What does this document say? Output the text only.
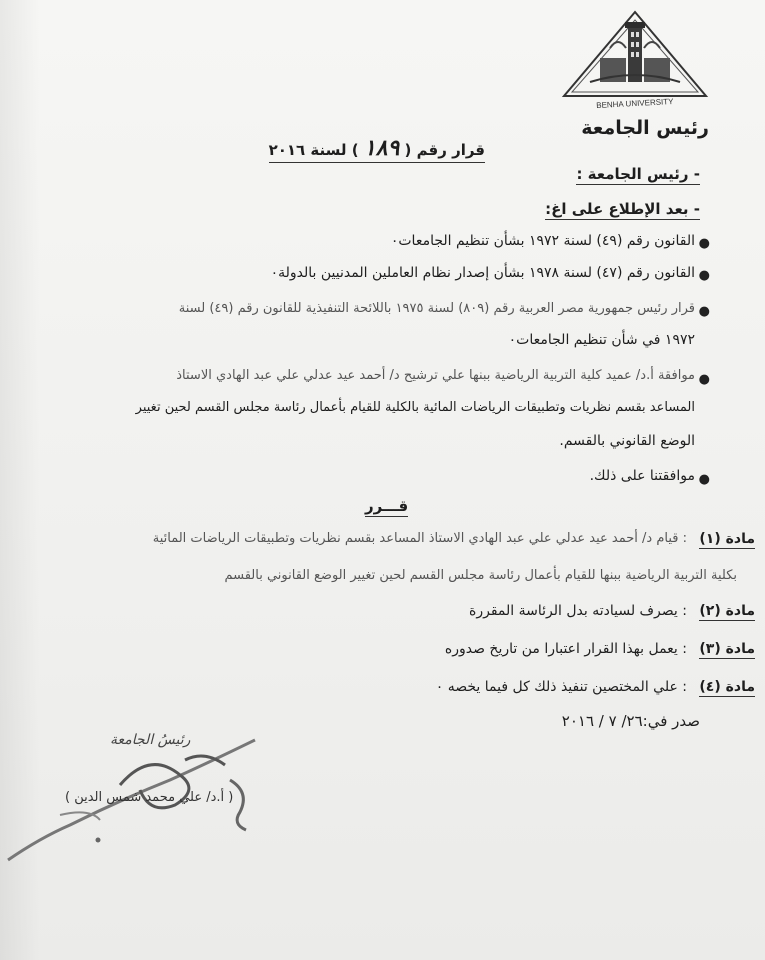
BENHA UNIVERSITY
رئيس الجامعة
قرار رقم ( ١٨٩ ) لسنة ٢٠١٦
- رئيس الجامعة :
- بعد الإطلاع على اغ:
●
القانون رقم (٤٩) لسنة ١٩٧٢ بشأن تنظيم الجامعات٠
●
القانون رقم (٤٧) لسنة ١٩٧٨ بشأن إصدار نظام العاملين المدنيين بالدولة٠
●
قرار رئيس جمهورية مصر العربية رقم (٨٠٩) لسنة ١٩٧٥ باللائحة التنفيذية للقانون رقم (٤٩) لسنة
١٩٧٢ في شأن تنظيم الجامعات٠
●
موافقة أ.د/ عميد كلية التربية الرياضية ببنها علي ترشيح د/ أحمد عيد عدلي علي عبد الهادي الاستاذ
المساعد بقسم نظريات وتطبيقات الرياضات المائية بالكلية للقيام بأعمال رئاسة مجلس القسم لحين تغيير
الوضع القانوني بالقسم.
●
موافقتنا على ذلك.
قـــرر
مادة (١)
: قيام د/ أحمد عيد عدلي علي عبد الهادي الاستاذ المساعد بقسم نظريات وتطبيقات الرياضات المائية
بكلية التربية الرياضية ببنها للقيام بأعمال رئاسة مجلس القسم لحين تغيير الوضع القانوني بالقسم
مادة (٢)
: يصرف لسيادته بدل الرئاسة المقررة
مادة (٣)
: يعمل بهذا القرار اعتبارا من تاريخ صدوره
مادة (٤)
: علي المختصين تنفيذ ذلك كل فيما يخصه ٠
صدر في:٢٦/ ٧ / ٢٠١٦
رئيسُ الجامعة
( أ.د/ علي محمد شمس الدين )
